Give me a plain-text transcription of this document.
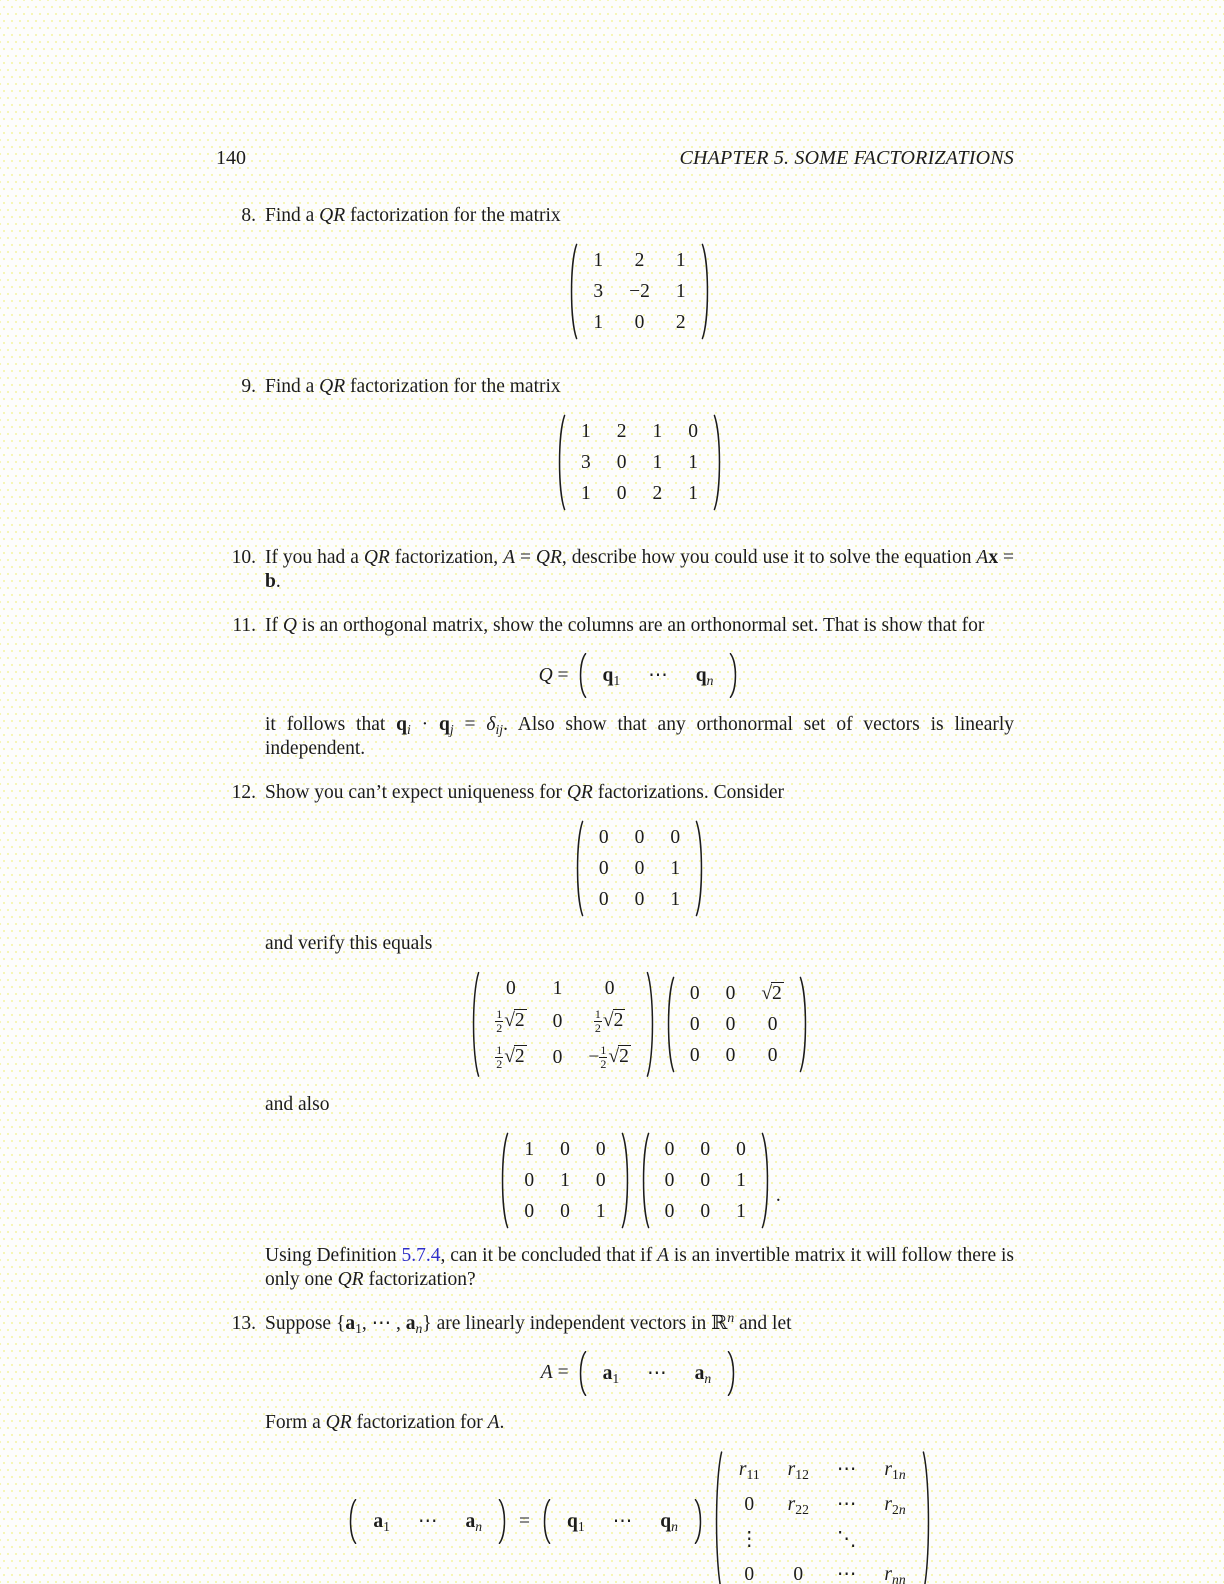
140	CHAPTER 5. SOME FACTORIZATIONS
8. Find a QR factorization for the matrix

1	2	1
3	−2	1
1	0	2
9. Find a QR factorization for the matrix

1	2	1	0
3	0	1	1
1	0	2	1
10. If you had a QR factorization, A = QR, describe how you could use it to solve the equation Ax = b.

11. If Q is an orthogonal matrix, show the columns are an orthonormal set. That is show that for

$Q = q_1$	⋯	$q_n$

it follows that $q_i \cdot q_j = \delta_{ij}$. Also show that any orthonormal set of vectors is linearly independent.

12. Show you can’t expect uniqueness for QR factorizations. Consider

0	0	0
0	0	1
0	0	1

and verify this equals

0	1	0

$\frac{1}{2} √2$	0	$\frac{1}{2} √2$

$\frac{1}{2} √2$	0	− $\frac{1}{2} √2$
0	0	√2
0	0	0
0	0	0

and also

1	0	0
0	1	0
0	0	1
0	0	0
0	0	1
0	0	1
.

Using Definition 5.7.4, can it be concluded that if A is an invertible matrix it will follow there is only one QR factorization?

13. Suppose {$a_1$, ⋯ , $a_n$} are linearly independent vectors in ℝ$^n$ and let

$A = a_1$	⋯	$a_n$

Form a QR factorization for A.

$a_1$	⋯	$a_n = q_1$	⋯	$q_n$
$r_{11}$	$r_{12}$	⋯	$r_{1n}$
0	$r_{22}$	⋯	$r_{2n}$
⋮		⋱	
0	0	⋯	$r_{nn}$
